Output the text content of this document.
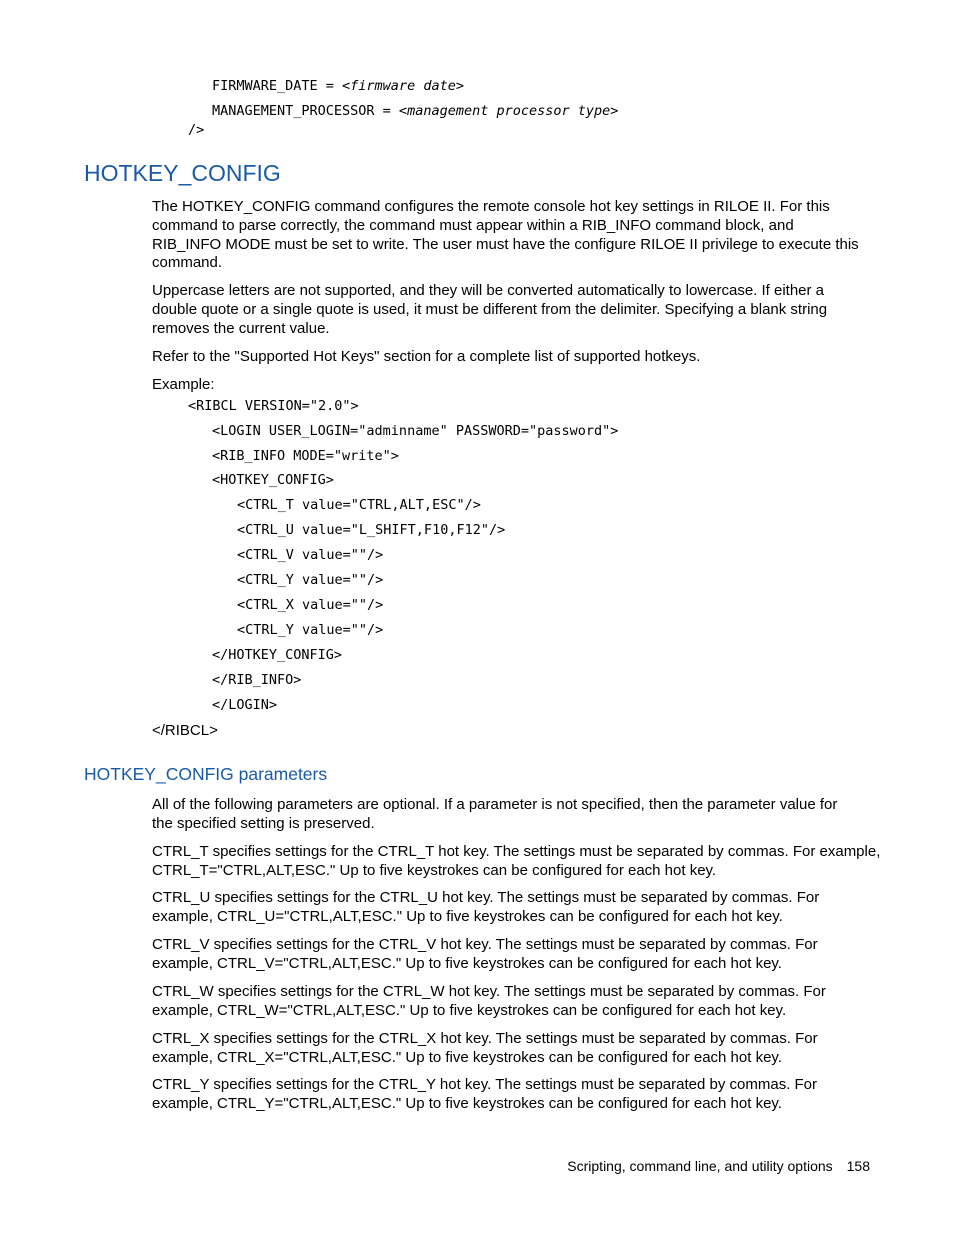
FIRMWARE_DATE = <firmware date>
MANAGEMENT_PROCESSOR = <management processor type>
/>
HOTKEY_CONFIG
The HOTKEY_CONFIG command configures the remote console hot key settings in RILOE II. For this
command to parse correctly, the command must appear within a RIB_INFO command block, and
RIB_INFO MODE must be set to write. The user must have the configure RILOE II privilege to execute this
command.
Uppercase letters are not supported, and they will be converted automatically to lowercase. If either a
double quote or a single quote is used, it must be different from the delimiter. Specifying a blank string
removes the current value.
Refer to the "Supported Hot Keys" section for a complete list of supported hotkeys.
Example:
<RIBCL VERSION="2.0">
<LOGIN USER_LOGIN="adminname" PASSWORD="password">
<RIB_INFO MODE="write">
<HOTKEY_CONFIG>
<CTRL_T value="CTRL,ALT,ESC"/>
<CTRL_U value="L_SHIFT,F10,F12"/>
<CTRL_V value=""/>
<CTRL_Y value=""/>
<CTRL_X value=""/>
<CTRL_Y value=""/>
</HOTKEY_CONFIG>
</RIB_INFO>
</LOGIN>
</RIBCL>
HOTKEY_CONFIG parameters
All of the following parameters are optional. If a parameter is not specified, then the parameter value for
the specified setting is preserved.
CTRL_T specifies settings for the CTRL_T hot key. The settings must be separated by commas. For example,
CTRL_T="CTRL,ALT,ESC." Up to five keystrokes can be configured for each hot key.
CTRL_U specifies settings for the CTRL_U hot key. The settings must be separated by commas. For
example, CTRL_U="CTRL,ALT,ESC." Up to five keystrokes can be configured for each hot key.
CTRL_V specifies settings for the CTRL_V hot key. The settings must be separated by commas. For
example, CTRL_V="CTRL,ALT,ESC." Up to five keystrokes can be configured for each hot key.
CTRL_W specifies settings for the CTRL_W hot key. The settings must be separated by commas. For
example, CTRL_W="CTRL,ALT,ESC." Up to five keystrokes can be configured for each hot key.
CTRL_X specifies settings for the CTRL_X hot key. The settings must be separated by commas. For
example, CTRL_X="CTRL,ALT,ESC." Up to five keystrokes can be configured for each hot key.
CTRL_Y specifies settings for the CTRL_Y hot key. The settings must be separated by commas. For
example, CTRL_Y="CTRL,ALT,ESC." Up to five keystrokes can be configured for each hot key.
Scripting, command line, and utility options 158
